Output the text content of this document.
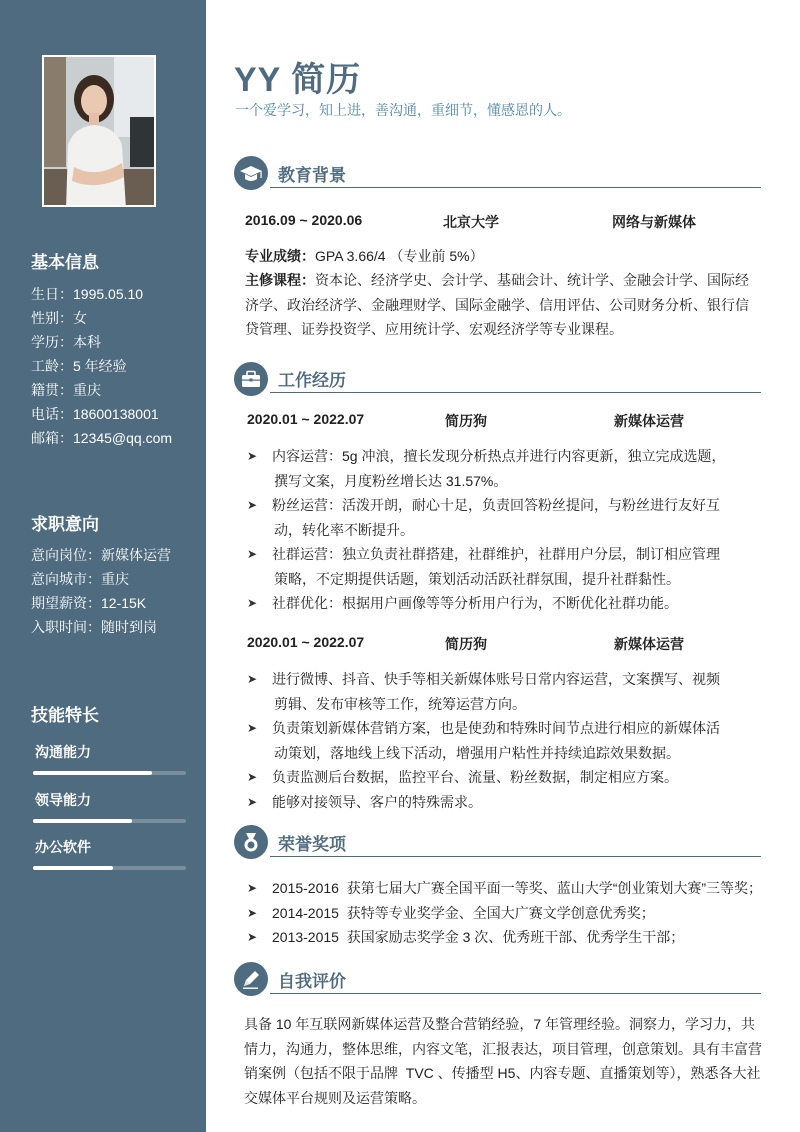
基本信息
生日：1995.05.10
性别：女
学历：本科
工龄：5 年经验
籍贯：重庆
电话：18600138001
邮箱：12345@qq.com
求职意向
意向岗位：新媒体运营
意向城市：重庆
期望薪资：12-15K
入职时间：随时到岗
技能特长
沟通能力
领导能力
办公软件
YY 简历
一个爱学习，知上进，善沟通，重细节，懂感恩的人。
教育背景
2016.09 ~ 2020.06	北京大学	网络与新媒体
专业成绩：GPA 3.66/4 （专业前 5%）
主修课程：资本论、经济学史、会计学、基础会计、统计学、金融会计学、国际经
济学、政治经济学、金融理财学、国际金融学、信用评估、公司财务分析、银行信
贷管理、证券投资学、应用统计学、宏观经济学等专业课程。
工作经历
2020.01 ~ 2022.07	简历狗	新媒体运营
➤ 内容运营：5g 冲浪，擅长发现分析热点并进行内容更新，独立完成选题，
撰写文案，月度粉丝增长达 31.57%。
➤ 粉丝运营：活泼开朗，耐心十足，负责回答粉丝提问，与粉丝进行友好互
动，转化率不断提升。
➤ 社群运营：独立负责社群搭建，社群维护，社群用户分层，制订相应管理
策略，不定期提供话题，策划活动活跃社群氛围，提升社群黏性。
➤ 社群优化：根据用户画像等等分析用户行为，不断优化社群功能。
2020.01 ~ 2022.07	简历狗	新媒体运营
➤ 进行微博、抖音、快手等相关新媒体账号日常内容运营，文案撰写、视频
剪辑、发布审核等工作，统筹运营方向。
➤ 负责策划新媒体营销方案，也是使劲和特殊时间节点进行相应的新媒体活
动策划，落地线上线下活动，增强用户粘性并持续追踪效果数据。
➤ 负责监测后台数据，监控平台、流量、粉丝数据，制定相应方案。
➤ 能够对接领导、客户的特殊需求。
荣誉奖项
➤ 2015-2016  获第七届大广赛全国平面一等奖、蓝山大学“创业策划大赛”三等奖；
➤ 2014-2015  获特等专业奖学金、全国大广赛文学创意优秀奖；
➤ 2013-2015  获国家励志奖学金 3 次、优秀班干部、优秀学生干部；
自我评价
具备 10 年互联网新媒体运营及整合营销经验，7 年管理经验。洞察力，学习力，共
情力，沟通力，整体思维，内容文笔，汇报表达，项目管理，创意策划。具有丰富营
销案例（包括不限于品牌  TVC 、传播型 H5、内容专题、直播策划等），熟悉各大社
交媒体平台规则及运营策略。
